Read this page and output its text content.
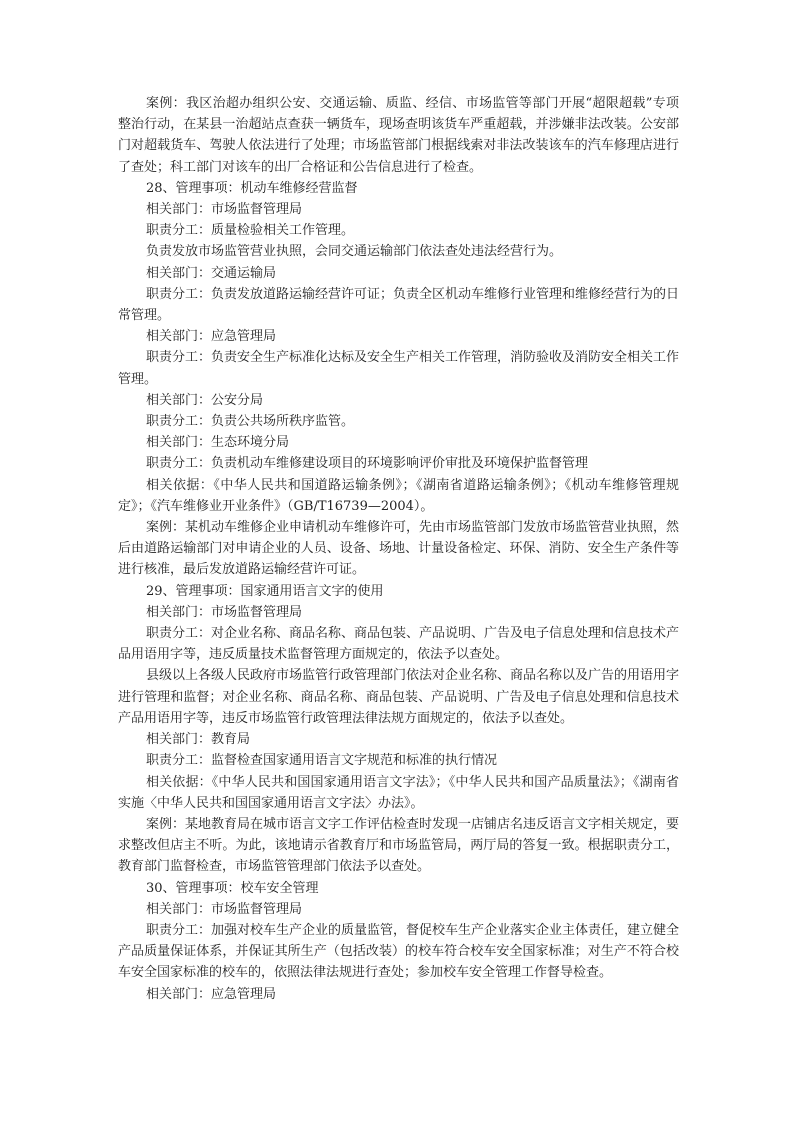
案例：我区治超办组织公安、交通运输、质监、经信、市场监管等部门开展“超限超载”专项整治行动，在某县一治超站点查获一辆货车，现场查明该货车严重超载，并涉嫌非法改装。公安部门对超载货车、驾驶人依法进行了处理；市场监管部门根据线索对非法改装该车的汽车修理店进行了查处；科工部门对该车的出厂合格证和公告信息进行了检查。

28、管理事项：机动车维修经营监督

相关部门：市场监督管理局

职责分工：质量检验相关工作管理。

负责发放市场监管营业执照，会同交通运输部门依法查处违法经营行为。

相关部门：交通运输局

职责分工：负责发放道路运输经营许可证；负责全区机动车维修行业管理和维修经营行为的日常管理。

相关部门：应急管理局

职责分工：负责安全生产标准化达标及安全生产相关工作管理，消防验收及消防安全相关工作管理。

相关部门：公安分局

职责分工：负责公共场所秩序监管。

相关部门：生态环境分局

职责分工：负责机动车维修建设项目的环境影响评价审批及环境保护监督管理

相关依据：《中华人民共和国道路运输条例》；《湖南省道路运输条例》；《机动车维修管理规定》；《汽车维修业开业条件》（GB/T16739—2004）。

案例：某机动车维修企业申请机动车维修许可，先由市场监管部门发放市场监管营业执照，然后由道路运输部门对申请企业的人员、设备、场地、计量设备检定、环保、消防、安全生产条件等进行核准，最后发放道路运输经营许可证。

29、管理事项：国家通用语言文字的使用

相关部门：市场监督管理局

职责分工：对企业名称、商品名称、商品包装、产品说明、广告及电子信息处理和信息技术产品用语用字等，违反质量技术监督管理方面规定的，依法予以查处。

县级以上各级人民政府市场监管行政管理部门依法对企业名称、商品名称以及广告的用语用字进行管理和监督；对企业名称、商品名称、商品包装、产品说明、广告及电子信息处理和信息技术产品用语用字等，违反市场监管行政管理法律法规方面规定的，依法予以查处。

相关部门：教育局

职责分工：监督检查国家通用语言文字规范和标准的执行情况

相关依据：《中华人民共和国国家通用语言文字法》；《中华人民共和国产品质量法》；《湖南省实施〈中华人民共和国国家通用语言文字法〉办法》。

案例：某地教育局在城市语言文字工作评估检查时发现一店铺店名违反语言文字相关规定，要求整改但店主不听。为此，该地请示省教育厅和市场监管局，两厅局的答复一致。根据职责分工，教育部门监督检查，市场监管管理部门依法予以查处。

30、管理事项：校车安全管理

相关部门：市场监督管理局

职责分工：加强对校车生产企业的质量监管，督促校车生产企业落实企业主体责任，建立健全产品质量保证体系，并保证其所生产（包括改装）的校车符合校车安全国家标准；对生产不符合校车安全国家标准的校车的，依照法律法规进行查处；参加校车安全管理工作督导检查。

相关部门：应急管理局
